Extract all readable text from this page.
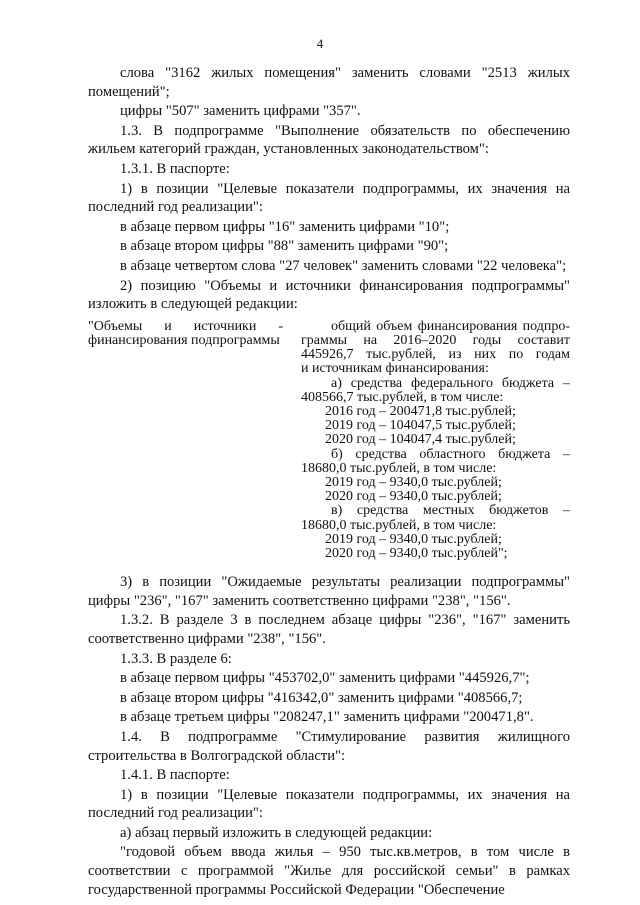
4
слова "3162 жилых помещения" заменить словами "2513 жилых помещений";
цифры "507" заменить цифрами "357".
1.3. В подпрограмме "Выполнение обязательств по обеспечению жильем категорий граждан, установленных законодательством":
1.3.1. В паспорте:
1) в позиции "Целевые показатели подпрограммы, их значения на последний год реализации":
в абзаце первом цифры "16" заменить цифрами "10";
в абзаце втором цифры "88" заменить цифрами "90";
в абзаце четвертом слова "27 человек" заменить словами "22 человека";
2) позицию "Объемы и источники финансирования подпрограммы" изложить в следующей редакции:
"Объемы и источники - финансирования подпрограммы
общий объем финансирования подпро-
граммы на 2016–2020 годы составит
445926,7 тыс.рублей, из них по годам
и источникам финансирования:
а) средства федерального бюджета –
408566,7 тыс.рублей, в том числе:
2016 год – 200471,8 тыс.рублей;
2019 год – 104047,5 тыс.рублей;
2020 год – 104047,4 тыс.рублей;
б) средства областного бюджета –
18680,0 тыс.рублей, в том числе:
2019 год – 9340,0 тыс.рублей;
2020 год – 9340,0 тыс.рублей;
в) средства местных бюджетов –
18680,0 тыс.рублей, в том числе:
2019 год – 9340,0 тыс.рублей;
2020 год – 9340,0 тыс.рублей";
3) в позиции "Ожидаемые результаты реализации подпрограммы" цифры "236", "167" заменить соответственно цифрами "238", "156".
1.3.2. В разделе 3 в последнем абзаце цифры "236", "167" заменить соответственно цифрами "238", "156".
1.3.3. В разделе 6:
в абзаце первом цифры "453702,0" заменить цифрами "445926,7";
в абзаце втором цифры "416342,0" заменить цифрами "408566,7;
в абзаце третьем цифры "208247,1" заменить цифрами "200471,8".
1.4. В подпрограмме "Стимулирование развития жилищного строительства в Волгоградской области":
1.4.1. В паспорте:
1) в позиции "Целевые показатели подпрограммы, их значения на последний год реализации":
а) абзац первый изложить в следующей редакции:
"годовой объем ввода жилья – 950 тыс.кв.метров, в том числе в соответствии с программой "Жилье для российской семьи" в рамках государственной программы Российской Федерации "Обеспечение
